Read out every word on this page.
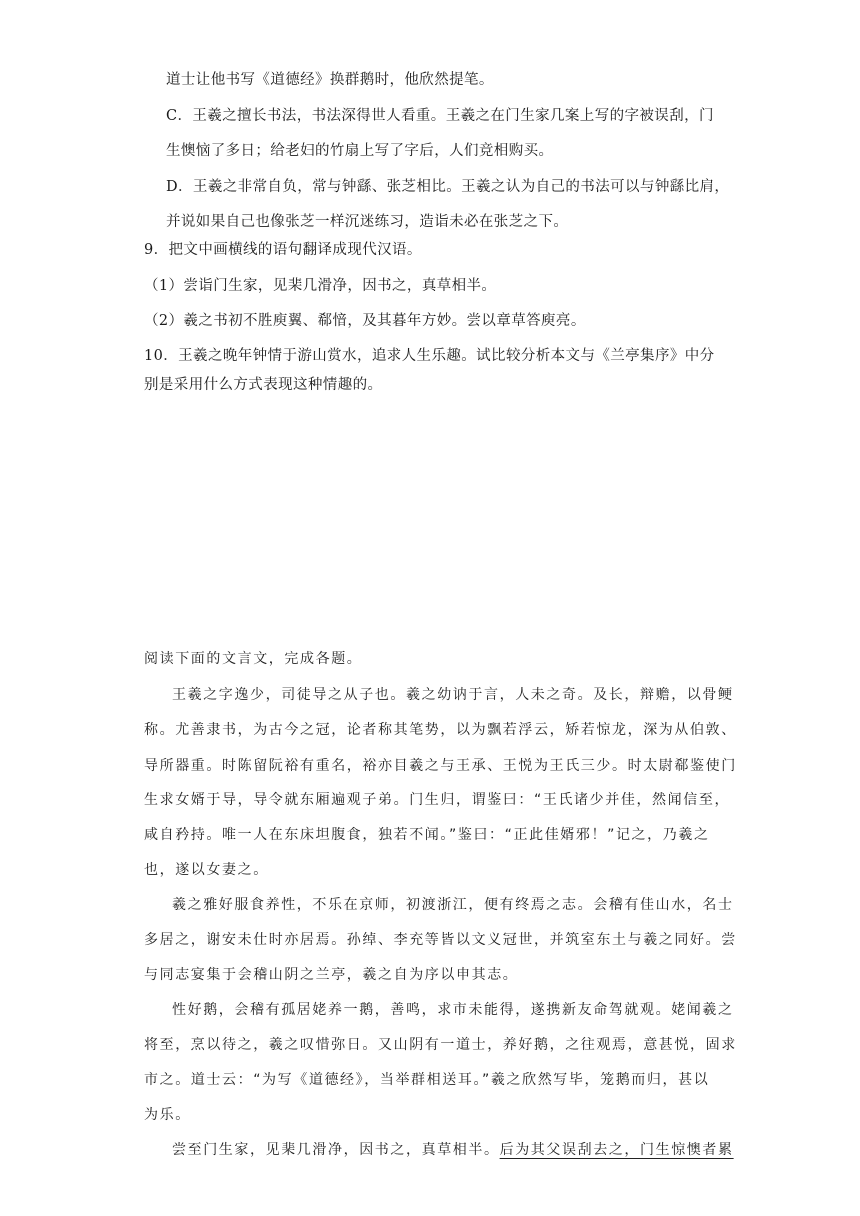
道士让他书写《道德经》换群鹅时，他欣然提笔。
C．王羲之擅长书法，书法深得世人看重。王羲之在门生家几案上写的字被误刮，门
生懊恼了多日；给老妇的竹扇上写了字后，人们竞相购买。
D．王羲之非常自负，常与钟繇、张芝相比。王羲之认为自己的书法可以与钟繇比肩，
并说如果自己也像张芝一样沉迷练习，造诣未必在张芝之下。
9．把文中画横线的语句翻译成现代汉语。
（1）尝诣门生家，见棐几滑净，因书之，真草相半。
（2）羲之书初不胜庾翼、郗愔，及其暮年方妙。尝以章草答庾亮。
10．王羲之晚年钟情于游山赏水，追求人生乐趣。试比较分析本文与《兰亭集序》中分
别是采用什么方式表现这种情趣的。
阅读下面的文言文，完成各题。
王羲之字逸少，司徒导之从子也。羲之幼讷于言，人未之奇。及长，辩赡，以骨鲠
称。尤善隶书，为古今之冠，论者称其笔势，以为飘若浮云，矫若惊龙，深为从伯敦、
导所器重。时陈留阮裕有重名，裕亦目羲之与王承、王悦为王氏三少。时太尉郗鉴使门
生求女婿于导，导令就东厢遍观子弟。门生归，谓鉴曰：“王氏诸少并佳，然闻信至，
咸自矜持。唯一人在东床坦腹食，独若不闻。”鉴曰：“正此佳婿邪！”记之，乃羲之
也，遂以女妻之。
羲之雅好服食养性，不乐在京师，初渡浙江，便有终焉之志。会稽有佳山水，名士
多居之，谢安未仕时亦居焉。孙绰、李充等皆以文义冠世，并筑室东土与羲之同好。尝
与同志宴集于会稽山阴之兰亭，羲之自为序以申其志。
性好鹅，会稽有孤居姥养一鹅，善鸣，求市未能得，遂携新友命驾就观。姥闻羲之
将至，烹以待之，羲之叹惜弥日。又山阴有一道士，养好鹅，之往观焉，意甚悦，固求
市之。道士云：“为写《道德经》，当举群相送耳。”羲之欣然写毕，笼鹅而归，甚以
为乐。
尝至门生家，见棐几滑净，因书之，真草相半。后为其父误刮去之，门生惊懊者累
